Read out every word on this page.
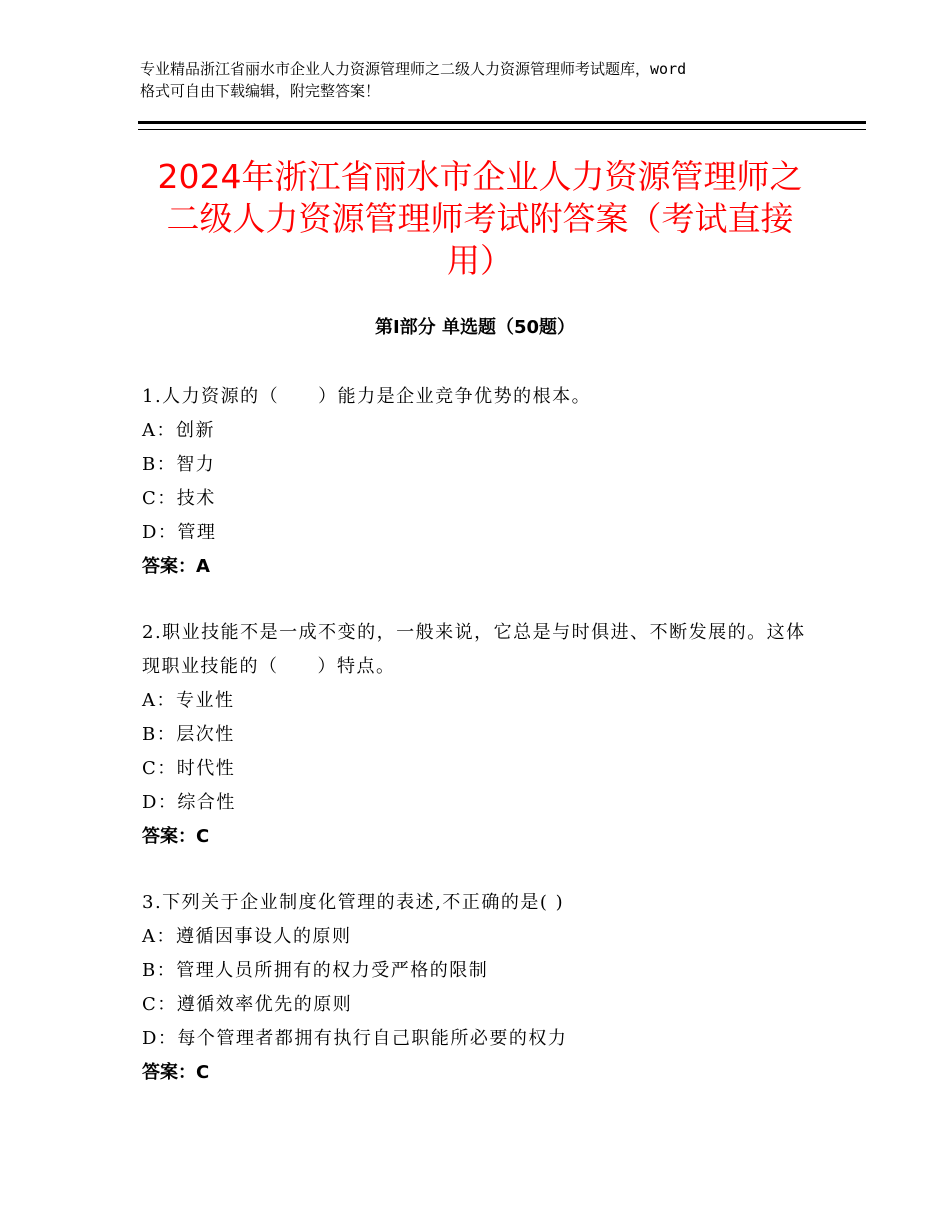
专业精品浙江省丽水市企业人力资源管理师之二级人力资源管理师考试题库，word
格式可自由下载编辑，附完整答案！
2024年浙江省丽水市企业人力资源管理师之
二级人力资源管理师考试附答案（考试直接
用）
第Ⅰ部分 单选题（50题）
1.人力资源的（　　）能力是企业竞争优势的根本。
A：创新
B：智力
C：技术
D：管理
答案：A
2.职业技能不是一成不变的，一般来说，它总是与时俱进、不断发展的。这体现职业技能的（　　）特点。
A：专业性
B：层次性
C：时代性
D：综合性
答案：C
3.下列关于企业制度化管理的表述,不正确的是( )
A：遵循因事设人的原则
B：管理人员所拥有的权力受严格的限制
C：遵循效率优先的原则
D：每个管理者都拥有执行自己职能所必要的权力
答案：C
